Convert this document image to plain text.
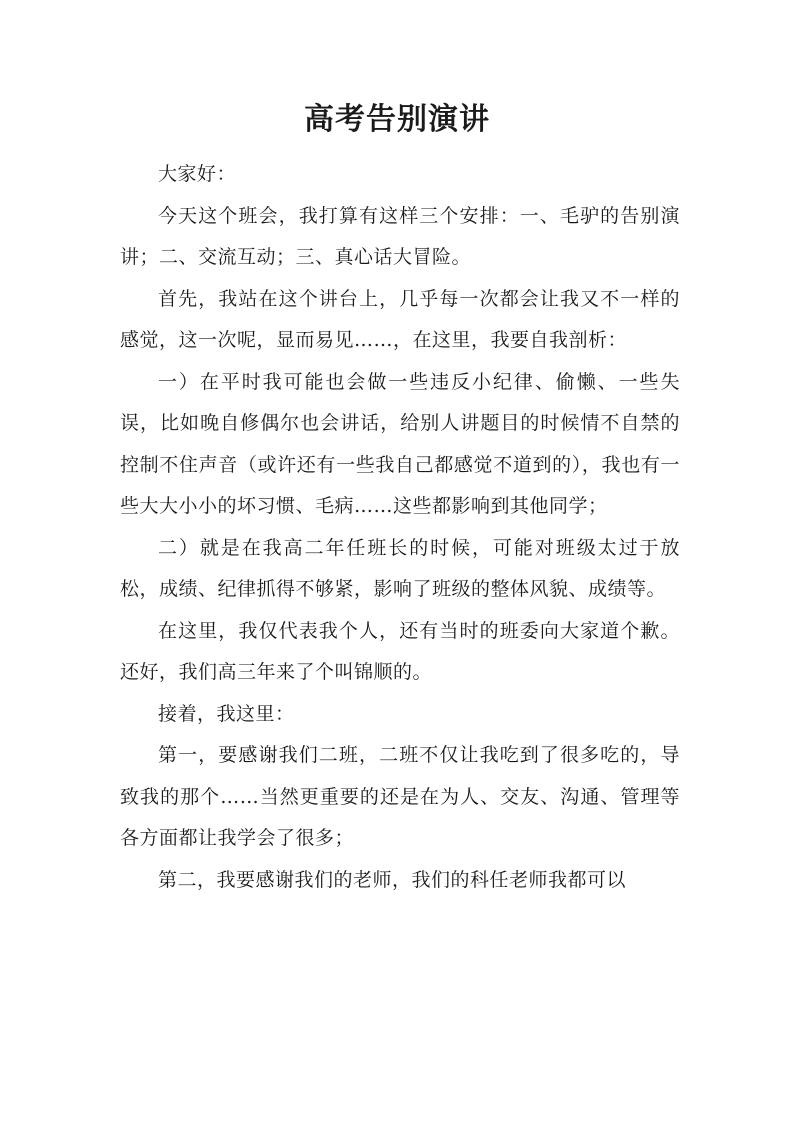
高考告别演讲

大家好：

今天这个班会，我打算有这样三个安排：一、毛驴的告别演讲；二、交流互动；三、真心话大冒险。

首先，我站在这个讲台上，几乎每一次都会让我又不一样的感觉，这一次呢，显而易见……，在这里，我要自我剖析：

一）在平时我可能也会做一些违反小纪律、偷懒、一些失误，比如晚自修偶尔也会讲话，给别人讲题目的时候情不自禁的控制不住声音（或许还有一些我自己都感觉不道到的），我也有一些大大小小的坏习惯、毛病……这些都影响到其他同学；

二）就是在我高二年任班长的时候，可能对班级太过于放松，成绩、纪律抓得不够紧，影响了班级的整体风貌、成绩等。

在这里，我仅代表我个人，还有当时的班委向大家道个歉。还好，我们高三年来了个叫锦顺的。

接着，我这里：

第一，要感谢我们二班，二班不仅让我吃到了很多吃的，导致我的那个……当然更重要的还是在为人、交友、沟通、管理等各方面都让我学会了很多；

第二，我要感谢我们的老师，我们的科任老师我都可以
